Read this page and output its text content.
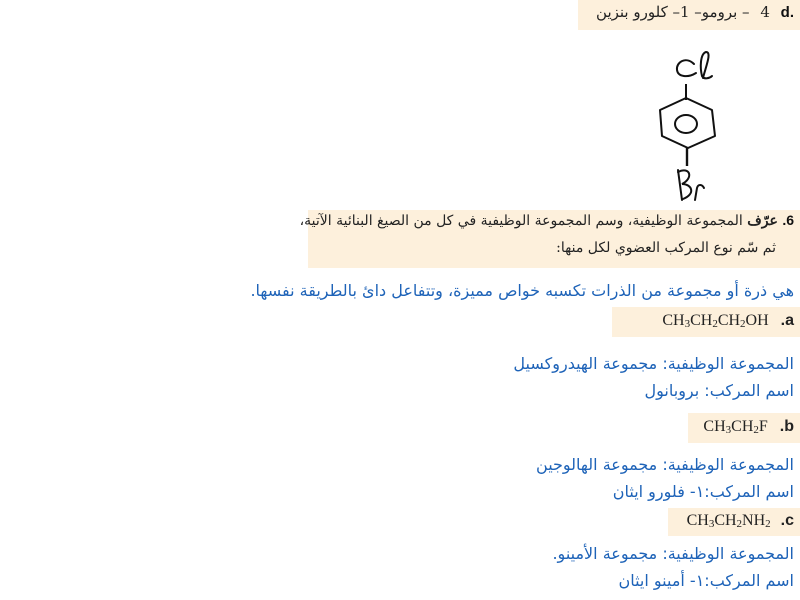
– برومو– 1– كلورو بنزين 4 d.
6. عرّف المجموعة الوظيفية، وسم المجموعة الوظيفية في كل من الصيغ البنائية الآتية،
ثم سّم نوع المركب العضوي لكل منها:
هي ذرة أو مجموعة من الذرات تكسبه خواص مميزة، وتتفاعل دائ بالطريقة نفسها.
$CH_3CH_2CH_2OH$ .a
المجموعة الوظيفية: مجموعة الهيدروكسيل
اسم المركب: بروبانول
$CH_3CH_2F$ .b
المجموعة الوظيفية: مجموعة الهالوجين
اسم المركب:١- فلورو ايثان
$CH_3CH_2NH_2$ .c
المجموعة الوظيفية: مجموعة الأمينو.
اسم المركب:١- أمينو ايثان
